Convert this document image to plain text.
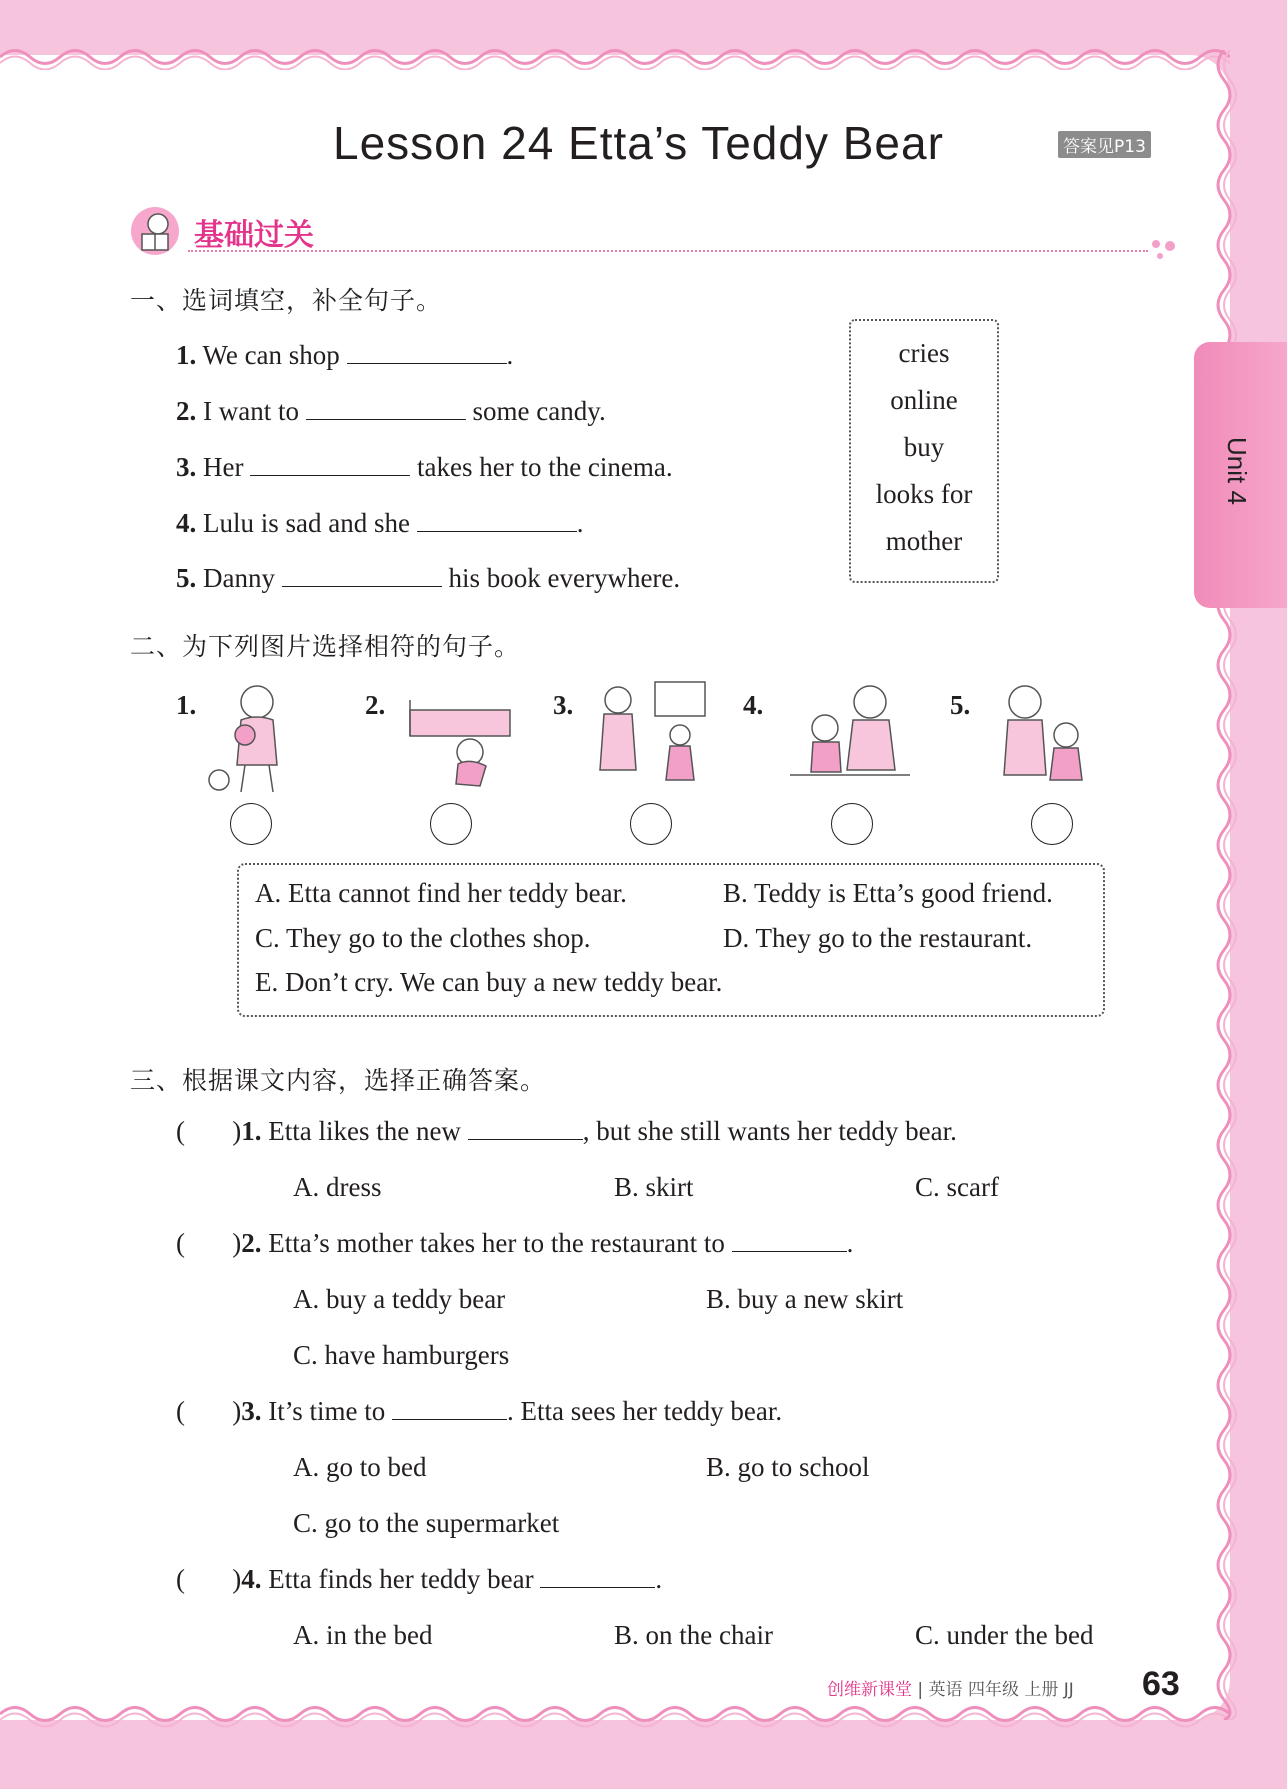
Unit 4
Lesson 24 Etta’s Teddy Bear	答案见P13
基础过关
一、选词填空，补全句子。
1. We can shop	.
2. I want to	some candy.
3. Her	takes her to the cinema.
4. Lulu is sad and she	.
5. Danny	his book everywhere.
cries
online
buy
looks for
mother
二、为下列图片选择相符的句子。
1.	2.	3.	4.	5.
A. Etta cannot find her teddy bear.	B. Teddy is Etta’s good friend.
C. They go to the clothes shop.	D. They go to the restaurant.
E. Don’t cry. We can buy a new teddy bear.
三、根据课文内容，选择正确答案。
(       )1. Etta likes the new	, but she still wants her teddy bear.
A. dress	B. skirt	C. scarf
(       )2. Etta’s mother takes her to the restaurant to	.
A. buy a teddy bear	B. buy a new skirt
C. have hamburgers
(       )3. It’s time to	. Etta sees her teddy bear.
A. go to bed	B. go to school
C. go to the supermarket
(       )4. Etta finds her teddy bear	.
A. in the bed	B. on the chair	C. under the bed
创维新课堂 | 英语 四年级 上册 JJ 63
